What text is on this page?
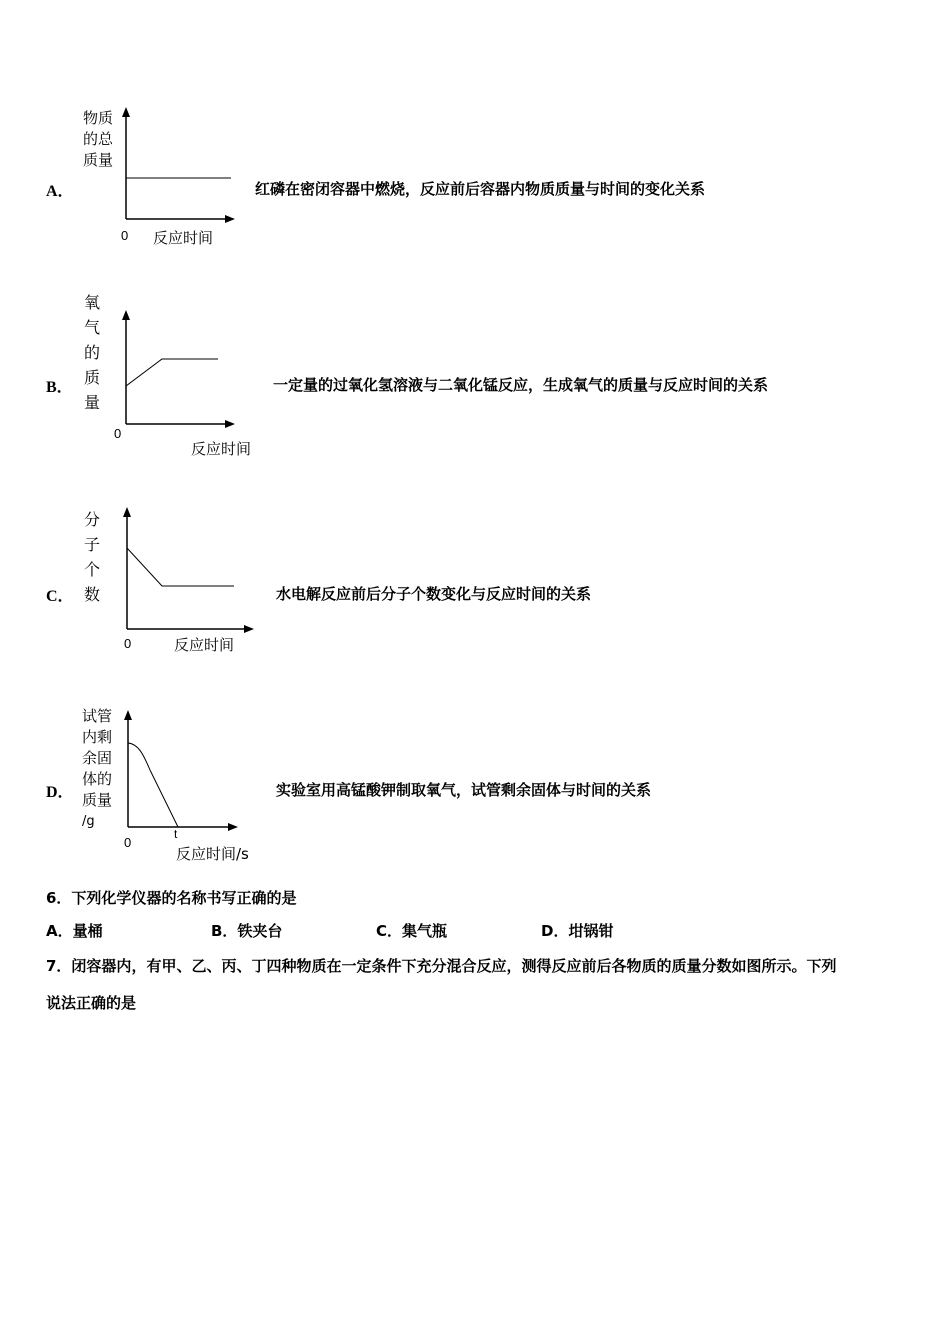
A．
物质
的总
质量
0 反应时间
红磷在密闭容器中燃烧，反应前后容器内物质质量与时间的变化关系
B．
氧
气
的
质
量
0
反应时间
一定量的过氧化氢溶液与二氧化锰反应，生成氧气的质量与反应时间的关系
C．
分
子
个
数
0	反应时间
水电解反应前后分子个数变化与反应时间的关系
D．
试管
内剩
余固
体的
质量
/g
t
0
反应时间/s
实验室用高锰酸钾制取氧气，试管剩余固体与时间的关系
6．下列化学仪器的名称书写正确的是
A．量桶	B．铁夹台	C．集气瓶	D．坩锅钳
7．闭容器内，有甲、乙、丙、丁四种物质在一定条件下充分混合反应，测得反应前后各物质的质量分数如图所示。下列
说法正确的是
